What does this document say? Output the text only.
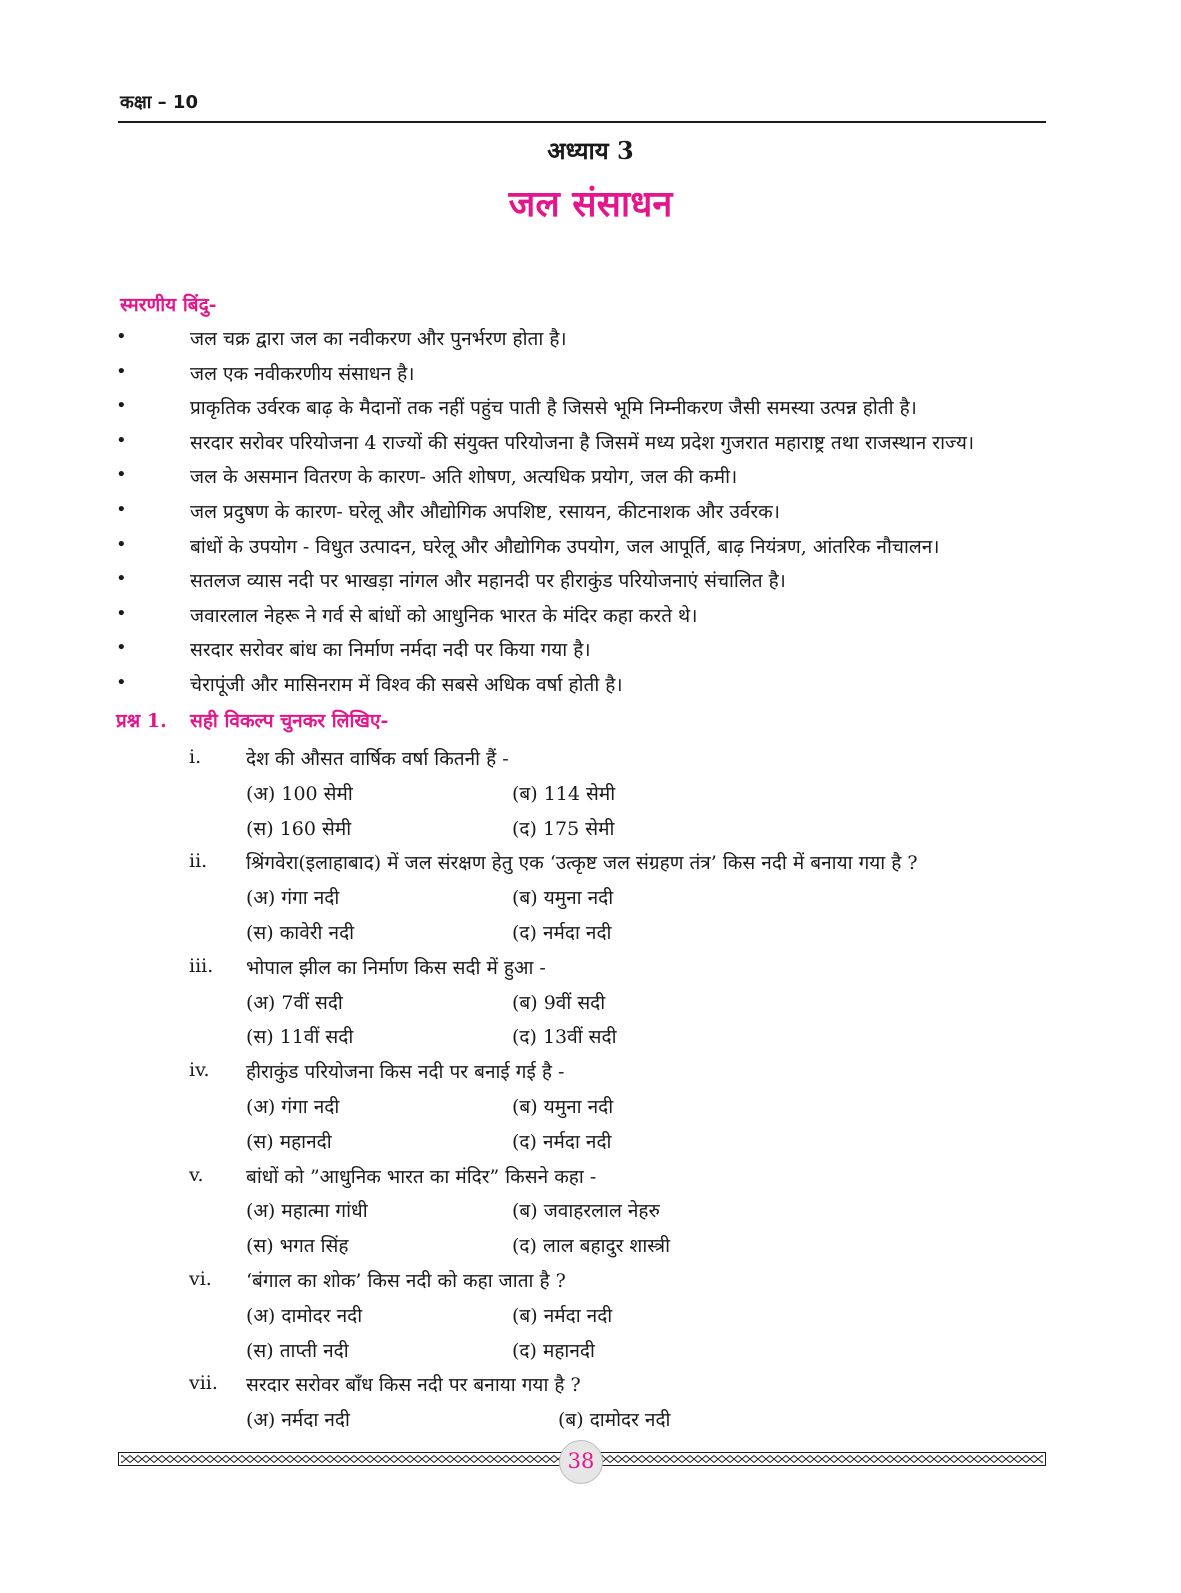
कक्षा – 10
अध्याय 3
जल संसाधन
स्मरणीय बिंदु-
•	जल चक्र द्वारा जल का नवीकरण और पुनर्भरण होता है।
•	जल एक नवीकरणीय संसाधन है।
•	प्राकृतिक उर्वरक बाढ़ के मैदानों तक नहीं पहुंच पाती है जिससे भूमि निम्नीकरण जैसी समस्या उत्पन्न होती है।
•	सरदार सरोवर परियोजना 4 राज्यों की संयुक्त परियोजना है जिसमें मध्य प्रदेश गुजरात महाराष्ट्र तथा राजस्थान राज्य।
•	जल के असमान वितरण के कारण- अति शोषण, अत्यधिक प्रयोग, जल की कमी।
•	जल प्रदुषण के कारण- घरेलू और औद्योगिक अपशिष्ट, रसायन, कीटनाशक और उर्वरक।
•	बांधों के उपयोग - विधुत उत्पादन, घरेलू और औद्योगिक उपयोग, जल आपूर्ति, बाढ़ नियंत्रण, आंतरिक नौचालन।
•	सतलज व्यास नदी पर भाखड़ा नांगल और महानदी पर हीराकुंड परियोजनाएं संचालित है।
•	जवारलाल नेहरू ने गर्व से बांधों को आधुनिक भारत के मंदिर कहा करते थे।
•	सरदार सरोवर बांध का निर्माण नर्मदा नदी पर किया गया है।
•	चेरापूंजी और मासिनराम में विश्व की सबसे अधिक वर्षा होती है।
प्रश्न 1. सही विकल्प चुनकर लिखिए-
i. देश की औसत वार्षिक वर्षा कितनी हैं -
(अ) 100 सेमी	(ब) 114 सेमी
(स) 160 सेमी	(द) 175 सेमी
ii. श्रिंगवेरा(इलाहाबाद) में जल संरक्षण हेतु एक ‘उत्कृष्ट जल संग्रहण तंत्र’ किस नदी में बनाया गया है ?
(अ) गंगा नदी	(ब) यमुना नदी
(स) कावेरी नदी	(द) नर्मदा नदी
iii. भोपाल झील का निर्माण किस सदी में हुआ -
(अ) 7वीं सदी	(ब) 9वीं सदी
(स) 11वीं सदी	(द) 13वीं सदी
iv. हीराकुंड परियोजना किस नदी पर बनाई गई है -
(अ) गंगा नदी	(ब) यमुना नदी
(स) महानदी	(द) नर्मदा नदी
v. बांधों को ”आधुनिक भारत का मंदिर” किसने कहा -
(अ) महात्मा गांधी	(ब) जवाहरलाल नेहरु
(स) भगत सिंह	(द) लाल बहादुर शास्त्री
vi. ‘बंगाल का शोक’ किस नदी को कहा जाता है ?
(अ) दामोदर नदी	(ब) नर्मदा नदी
(स) ताप्ती नदी	(द) महानदी
vii. सरदार सरोवर बाँध किस नदी पर बनाया गया है ?
(अ) नर्मदा नदी	(ब) दामोदर नदी
38
